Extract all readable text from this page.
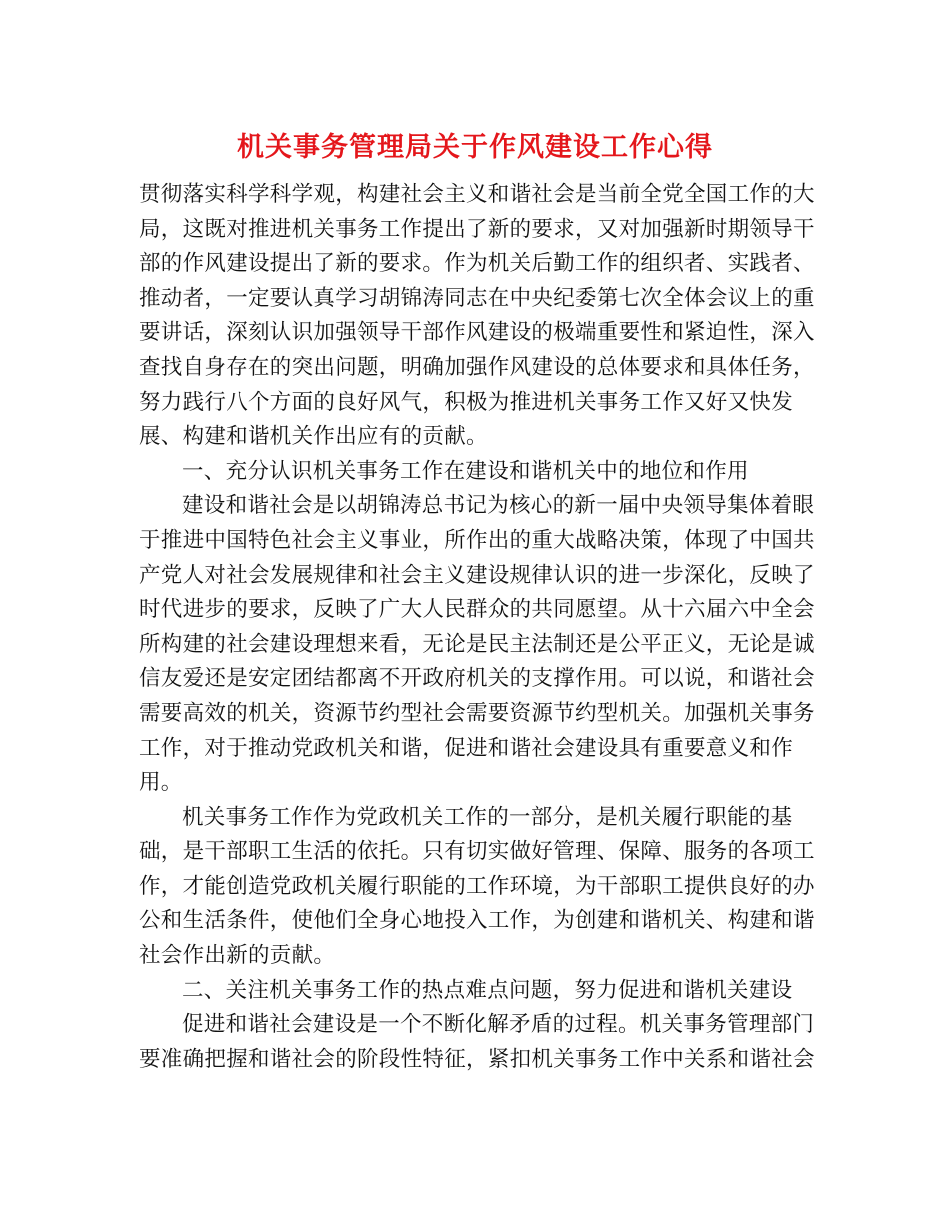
机关事务管理局关于作风建设工作心得

贯彻落实科学科学观，构建社会主义和谐社会是当前全党全国工作的大局，这既对推进机关事务工作提出了新的要求，又对加强新时期领导干部的作风建设提出了新的要求。作为机关后勤工作的组织者、实践者、推动者，一定要认真学习胡锦涛同志在中央纪委第七次全体会议上的重要讲话，深刻认识加强领导干部作风建设的极端重要性和紧迫性，深入查找自身存在的突出问题，明确加强作风建设的总体要求和具体任务，努力践行八个方面的良好风气，积极为推进机关事务工作又好又快发展、构建和谐机关作出应有的贡献。

一、充分认识机关事务工作在建设和谐机关中的地位和作用

建设和谐社会是以胡锦涛总书记为核心的新一届中央领导集体着眼于推进中国特色社会主义事业，所作出的重大战略决策，体现了中国共产党人对社会发展规律和社会主义建设规律认识的进一步深化，反映了时代进步的要求，反映了广大人民群众的共同愿望。从十六届六中全会所构建的社会建设理想来看，无论是民主法制还是公平正义，无论是诚信友爱还是安定团结都离不开政府机关的支撑作用。可以说，和谐社会需要高效的机关，资源节约型社会需要资源节约型机关。加强机关事务工作，对于推动党政机关和谐，促进和谐社会建设具有重要意义和作用。

机关事务工作作为党政机关工作的一部分，是机关履行职能的基础，是干部职工生活的依托。只有切实做好管理、保障、服务的各项工作，才能创造党政机关履行职能的工作环境，为干部职工提供良好的办公和生活条件，使他们全身心地投入工作，为创建和谐机关、构建和谐社会作出新的贡献。

二、关注机关事务工作的热点难点问题，努力促进和谐机关建设

促进和谐社会建设是一个不断化解矛盾的过程。机关事务管理部门要准确把握和谐社会的阶段性特征，紧扣机关事务工作中关系和谐社会
